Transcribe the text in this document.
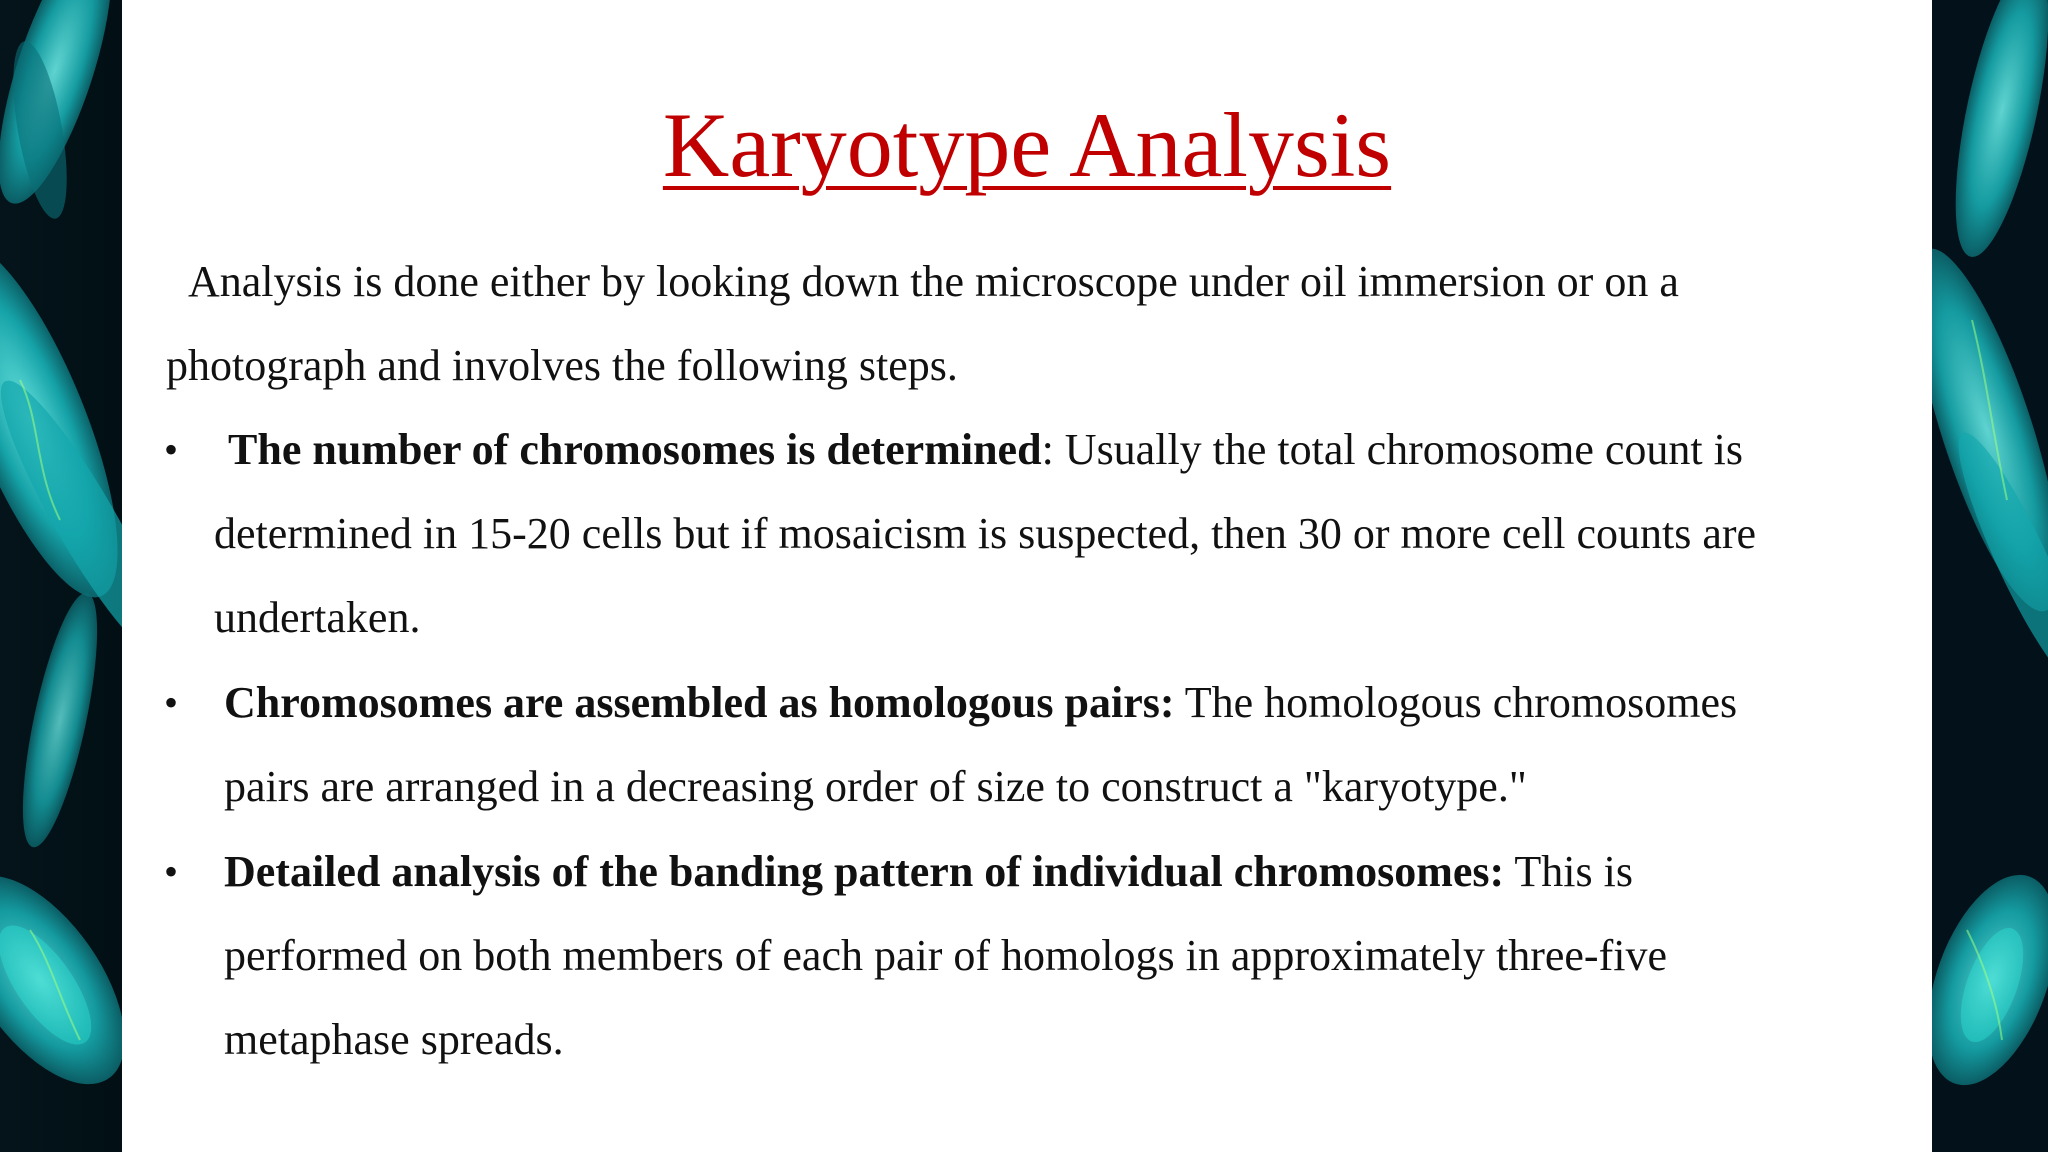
Karyotype Analysis
Analysis is done either by looking down the microscope under oil immersion or on a
photograph and involves the following steps.
• The number of chromosomes is determined: Usually the total chromosome count is
determined in 15-20 cells but if mosaicism is suspected, then 30 or more cell counts are
undertaken.
• Chromosomes are assembled as homologous pairs: The homologous chromosomes
pairs are arranged in a decreasing order of size to construct a "karyotype."
• Detailed analysis of the banding pattern of individual chromosomes: This is
performed on both members of each pair of homologs in approximately three-five
metaphase spreads.
